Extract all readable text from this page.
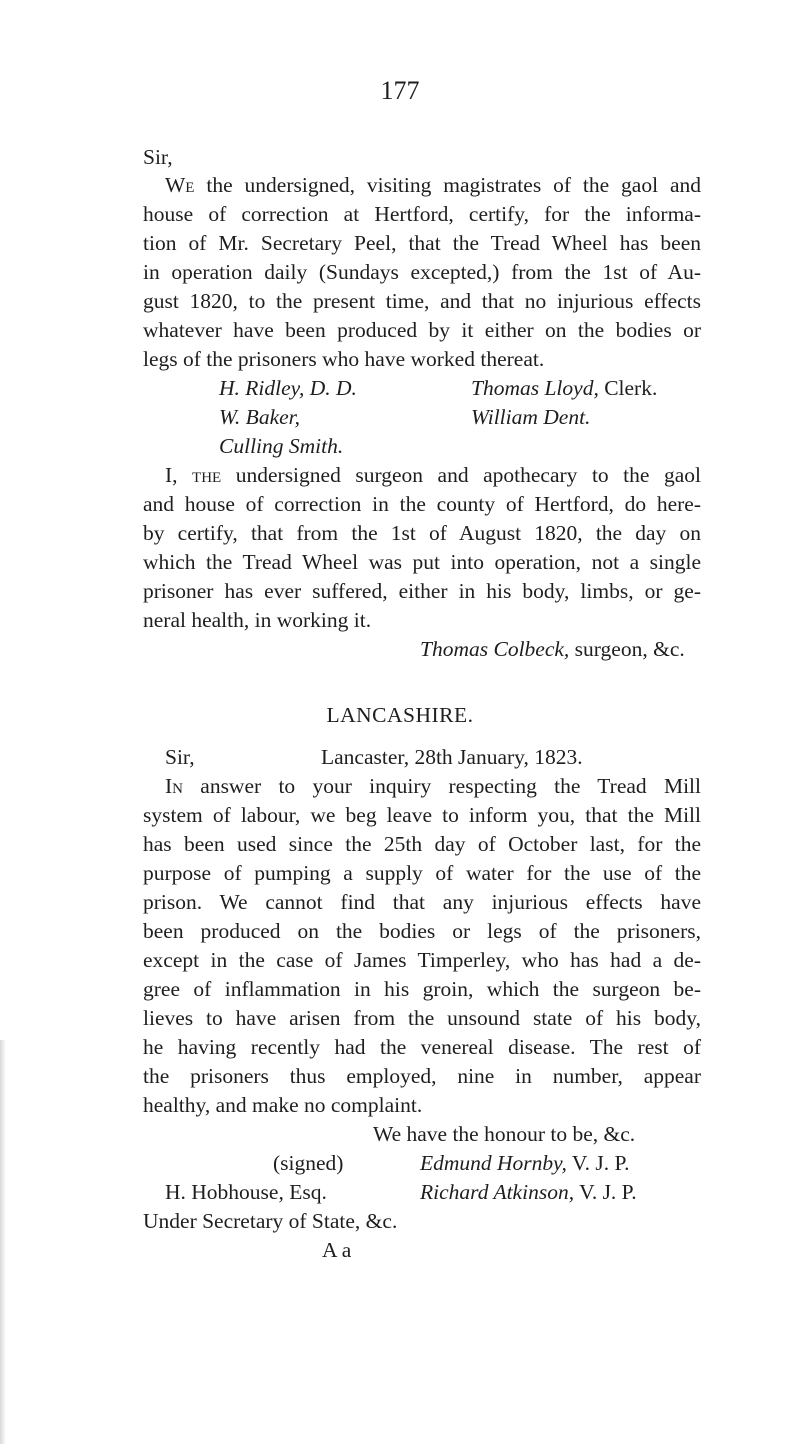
177
Sir,
We the undersigned, visiting magistrates of the gaol and
house of correction at Hertford, certify, for the informa-
tion of Mr. Secretary Peel, that the Tread Wheel has been
in operation daily (Sundays excepted,) from the 1st of Au-
gust 1820, to the present time, and that no injurious effects
whatever have been produced by it either on the bodies or
legs of the prisoners who have worked thereat.
H. Ridley, D. D.	Thomas Lloyd, Clerk.
W. Baker,	William Dent.
Culling Smith.
I, the undersigned surgeon and apothecary to the gaol
and house of correction in the county of Hertford, do here-
by certify, that from the 1st of August 1820, the day on
which the Tread Wheel was put into operation, not a single
prisoner has ever suffered, either in his body, limbs, or ge-
neral health, in working it.
Thomas Colbeck, surgeon, &c.
LANCASHIRE.
Sir,	Lancaster, 28th January, 1823.
In answer to your inquiry respecting the Tread Mill
system of labour, we beg leave to inform you, that the Mill
has been used since the 25th day of October last, for the
purpose of pumping a supply of water for the use of the
prison. We cannot find that any injurious effects have
been produced on the bodies or legs of the prisoners,
except in the case of James Timperley, who has had a de-
gree of inflammation in his groin, which the surgeon be-
lieves to have arisen from the unsound state of his body,
he having recently had the venereal disease. The rest of
the prisoners thus employed, nine in number, appear
healthy, and make no complaint.
We have the honour to be, &c.
(signed)	Edmund Hornby, V. J. P.
H. Hobhouse, Esq.	Richard Atkinson, V. J. P.
Under Secretary of State, &c.
A a
